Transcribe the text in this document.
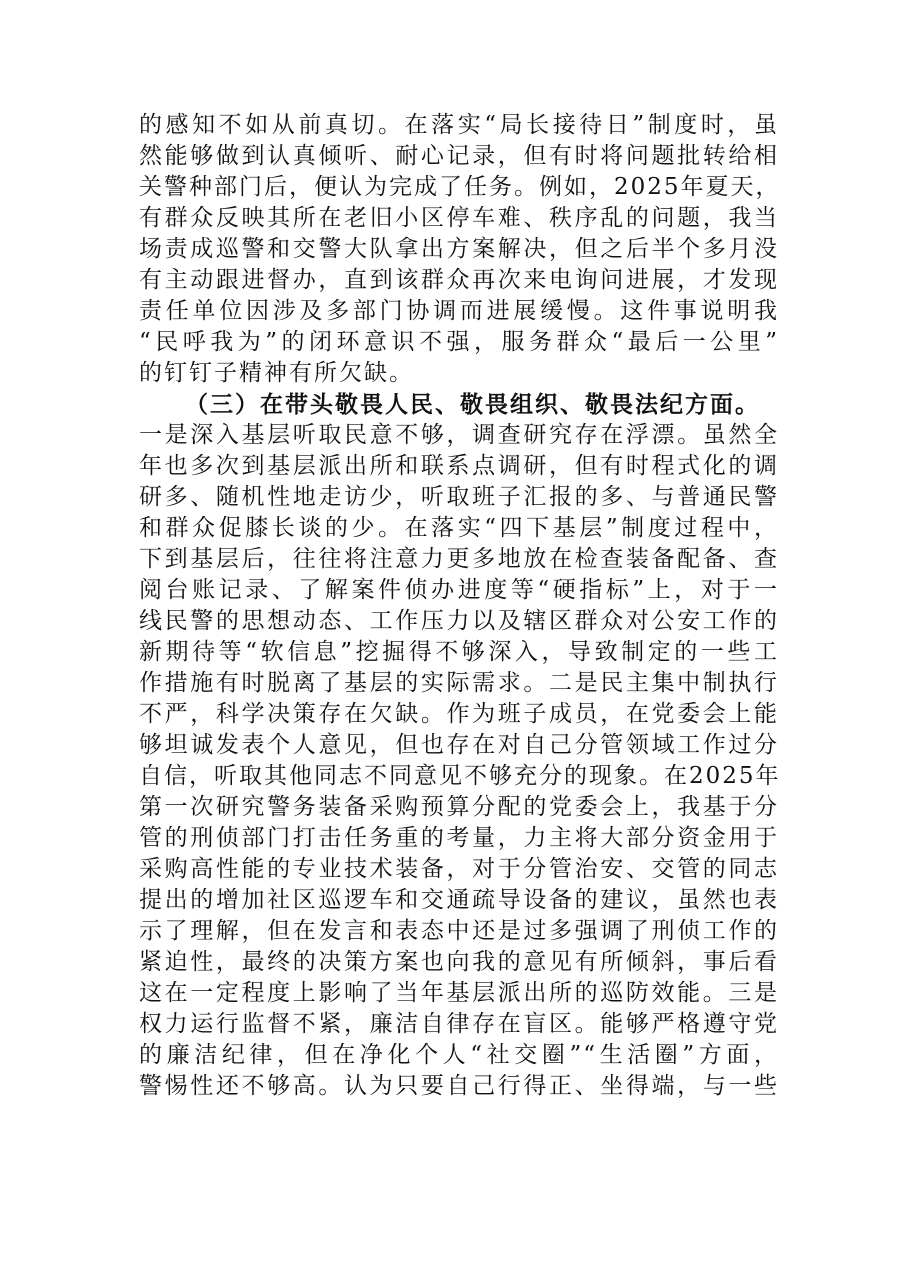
的感知不如从前真切。在落实“局长接待日”制度时，虽
然能够做到认真倾听、耐心记录，但有时将问题批转给相
关警种部门后，便认为完成了任务。例如，2025年夏天，
有群众反映其所在老旧小区停车难、秩序乱的问题，我当
场责成巡警和交警大队拿出方案解决，但之后半个多月没
有主动跟进督办，直到该群众再次来电询问进展，才发现
责任单位因涉及多部门协调而进展缓慢。这件事说明我
“民呼我为”的闭环意识不强，服务群众“最后一公里”
的钉钉子精神有所欠缺。
（三）在带头敬畏人民、敬畏组织、敬畏法纪方面。
一是深入基层听取民意不够，调查研究存在浮漂。虽然全
年也多次到基层派出所和联系点调研，但有时程式化的调
研多、随机性地走访少，听取班子汇报的多、与普通民警
和群众促膝长谈的少。在落实“四下基层”制度过程中，
下到基层后，往往将注意力更多地放在检查装备配备、查
阅台账记录、了解案件侦办进度等“硬指标”上，对于一
线民警的思想动态、工作压力以及辖区群众对公安工作的
新期待等“软信息”挖掘得不够深入，导致制定的一些工
作措施有时脱离了基层的实际需求。二是民主集中制执行
不严，科学决策存在欠缺。作为班子成员，在党委会上能
够坦诚发表个人意见，但也存在对自己分管领域工作过分
自信，听取其他同志不同意见不够充分的现象。在2025年
第一次研究警务装备采购预算分配的党委会上，我基于分
管的刑侦部门打击任务重的考量，力主将大部分资金用于
采购高性能的专业技术装备，对于分管治安、交管的同志
提出的增加社区巡逻车和交通疏导设备的建议，虽然也表
示了理解，但在发言和表态中还是过多强调了刑侦工作的
紧迫性，最终的决策方案也向我的意见有所倾斜，事后看
这在一定程度上影响了当年基层派出所的巡防效能。三是
权力运行监督不紧，廉洁自律存在盲区。能够严格遵守党
的廉洁纪律，但在净化个人“社交圈”“生活圈”方面，
警惕性还不够高。认为只要自己行得正、坐得端，与一些
